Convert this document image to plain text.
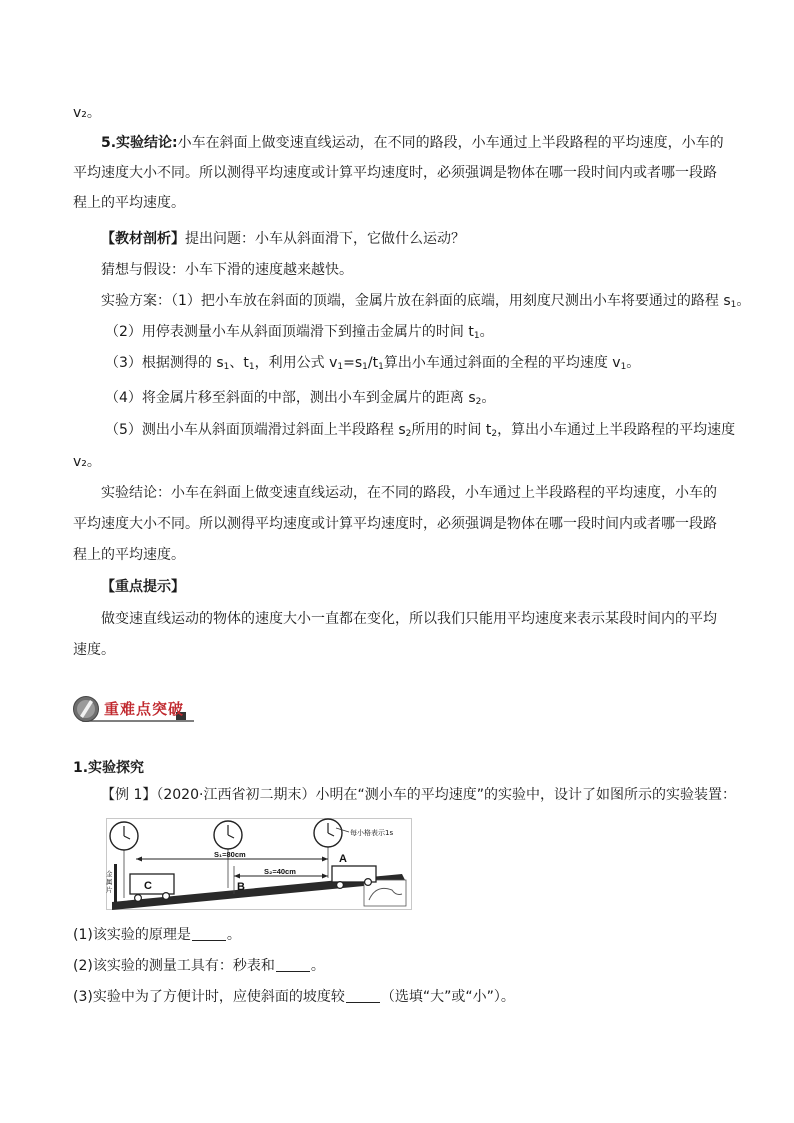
v₂。
5.实验结论:小车在斜面上做变速直线运动，在不同的路段，小车通过上半段路程的平均速度，小车的
平均速度大小不同。所以测得平均速度或计算平均速度时，必须强调是物体在哪一段时间内或者哪一段路
程上的平均速度。
【教材剖析】提出问题：小车从斜面滑下，它做什么运动？
猜想与假设：小车下滑的速度越来越快。
实验方案：（1）把小车放在斜面的顶端，金属片放在斜面的底端，用刻度尺测出小车将要通过的路程 $s_1$。
（2）用停表测量小车从斜面顶端滑下到撞击金属片的时间 $t_1$。
（3）根据测得的 $s_1$、$t_1$，利用公式 $v_1=s_1/t_1$算出小车通过斜面的全程的平均速度 $v_1$。
（4）将金属片移至斜面的中部，测出小车到金属片的距离 $s_2$。
（5）测出小车从斜面顶端滑过斜面上半段路程 $s_2$所用的时间 $t_2$，算出小车通过上半段路程的平均速度
v₂。
实验结论：小车在斜面上做变速直线运动，在不同的路段，小车通过上半段路程的平均速度，小车的
平均速度大小不同。所以测得平均速度或计算平均速度时，必须强调是物体在哪一段时间内或者哪一段路
程上的平均速度。
【重点提示】
做变速直线运动的物体的速度大小一直都在变化，所以我们只能用平均速度来表示某段时间内的平均
速度。
重难点突破
1.实验探究
【例 1】（2020·江西省初二期末）小明在“测小车的平均速度”的实验中，设计了如图所示的实验装置：
C	B
A
S₁=80cm
S₂=40cm
每小格表示1s
金
属
片
(1)该实验的原理是	。
(2)该实验的测量工具有：秒表和	。
(3)实验中为了方便计时，应使斜面的坡度较	（选填“大”或“小”）。
